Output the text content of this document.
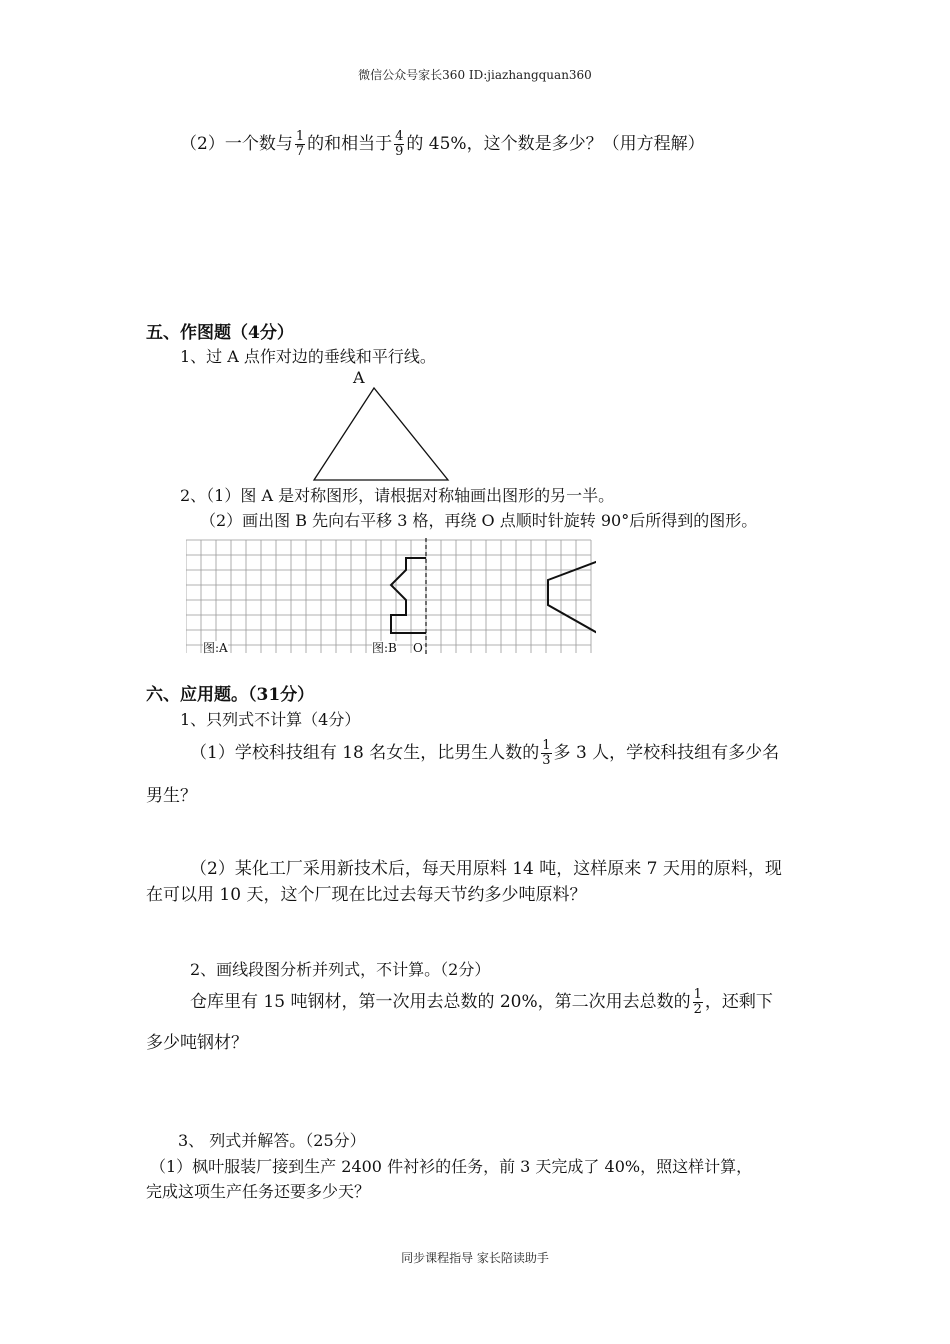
微信公众号家长360 ID:jiazhangquan360
（2）一个数与 $\frac{1}{7}$ 的和相当于 $\frac{4}{9}$ 的 45%，这个数是多少？（用方程解）
五、作图题（4分）
1、过 A 点作对边的垂线和平行线。
A
2、（1）图 A 是对称图形，请根据对称轴画出图形的另一半。
（2）画出图 B 先向右平移 3 格，再绕 O 点顺时针旋转 90°后所得到的图形。
图:A	图:B O
六、应用题。（31分）
1、只列式不计算（4分）
（1）学校科技组有 18 名女生，比男生人数的 $\frac{1}{3}$ 多 3 人，学校科技组有多少名
男生？
（2）某化工厂采用新技术后，每天用原料 14 吨，这样原来 7 天用的原料，现
在可以用 10 天，这个厂现在比过去每天节约多少吨原料？
2、画线段图分析并列式，不计算。（2分）
仓库里有 15 吨钢材，第一次用去总数的 20%，第二次用去总数的 $\frac{1}{2}$ ，还剩下
多少吨钢材？
3、 列式并解答。（25分）
（1）枫叶服装厂接到生产 2400 件衬衫的任务，前 3 天完成了 40%，照这样计算，
完成这项生产任务还要多少天？
同步课程指导 家长陪读助手
